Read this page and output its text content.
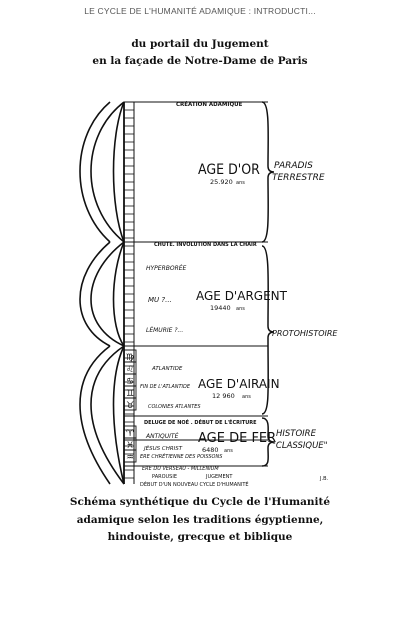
LE CYCLE DE L'HUMANITÉ ADAMIQUE : INTRODUCTI...
du portail du Jugement
en la façade de Notre-Dame de Paris
♍
♌
♋
♊
♉
♈
♓
♒
CRÉATION ADAMIQUE
CHUTE. INVOLUTION DANS LA CHAIR
DELUGE DE NOÉ . DÉBUT DE L'ÉCRITURE
AGE D'OR
25.920 ans
AGE D'ARGENT
19440 ans
AGE D'AIRAIN
12 960 ans
AGE DE FER
6480 ans
HYPERBORÉE
MU ?...
LÉMURIE ?...
ATLANTIDE
FIN DE L'ATLANTIDE
COLONIES ATLANTES
ANTIQUITÉ
JÉSUS CHRIST
ERE CHRÉTIENNE DES POISSONS
ERE DU VERSEAU - MILLENIUM
PAROUSIE	JUGEMENT
DÉBUT D'UN NOUVEAU CYCLE D'HUMANITÉ
PARADIS
TERRESTRE
PROTOHISTOIRE
HISTOIRE
"CLASSIQUE"
J.B.
Schéma synthétique du Cycle de l'Humanité
adamique selon les traditions égyptienne,
hindouiste, grecque et biblique
